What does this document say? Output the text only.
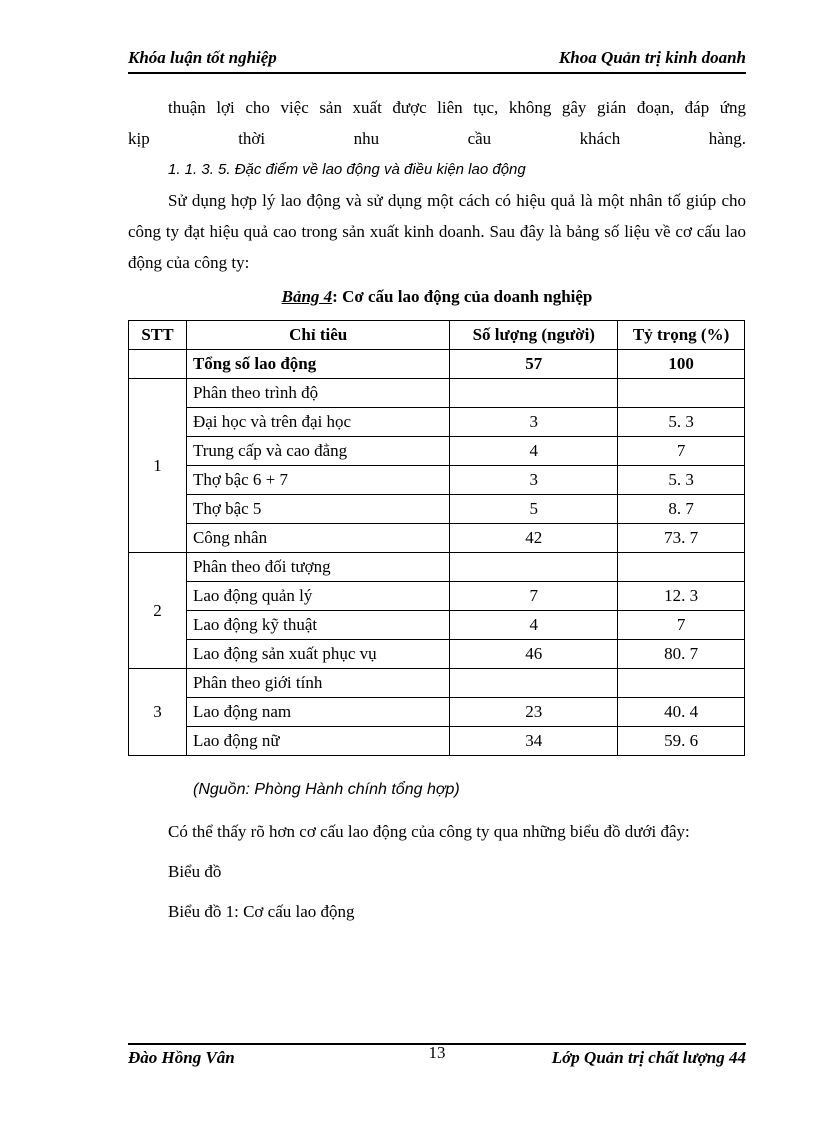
Khóa luận tốt nghiệp	Khoa Quản trị kinh doanh

thuận lợi cho việc sản xuất được liên tục, không gây gián đoạn, đáp ứng

kịp thời nhu cầu khách hàng.

1. 1. 3. 5. Đặc điểm về lao động và điều kiện lao động

Sử dụng hợp lý lao động và sử dụng một cách có hiệu quả là một nhân tố giúp cho công ty đạt hiệu quả cao trong sản xuất kinh doanh. Sau đây là bảng số liệu về cơ cấu lao động của công ty:

Bảng 4: Cơ cấu lao động của doanh nghiệp
STT	Chỉ tiêu	Số lượng (người)	Tỷ trọng (%)
	Tổng số lao động	57	100
1	Phân theo trình độ		
	Đại học và trên đại học	3	5. 3
	Trung cấp và cao đẳng	4	7
	Thợ bậc 6 + 7	3	5. 3
	Thợ bậc 5	5	8. 7
	Công nhân	42	73. 7
2	Phân theo đối tượng		
	Lao động quản lý	7	12. 3
	Lao động kỹ thuật	4	7
	Lao động sản xuất phục vụ	46	80. 7
3	Phân theo giới tính		
	Lao động nam	23	40. 4
	Lao động nữ	34	59. 6
(Nguồn: Phòng Hành chính tổng hợp)
Có thể thấy rõ hơn cơ cấu lao động của công ty qua những biểu đồ dưới đây:
Biểu đồ
Biểu đồ 1: Cơ cấu lao động
Đào Hồng Vân	13	Lớp Quản trị chất lượng 44
